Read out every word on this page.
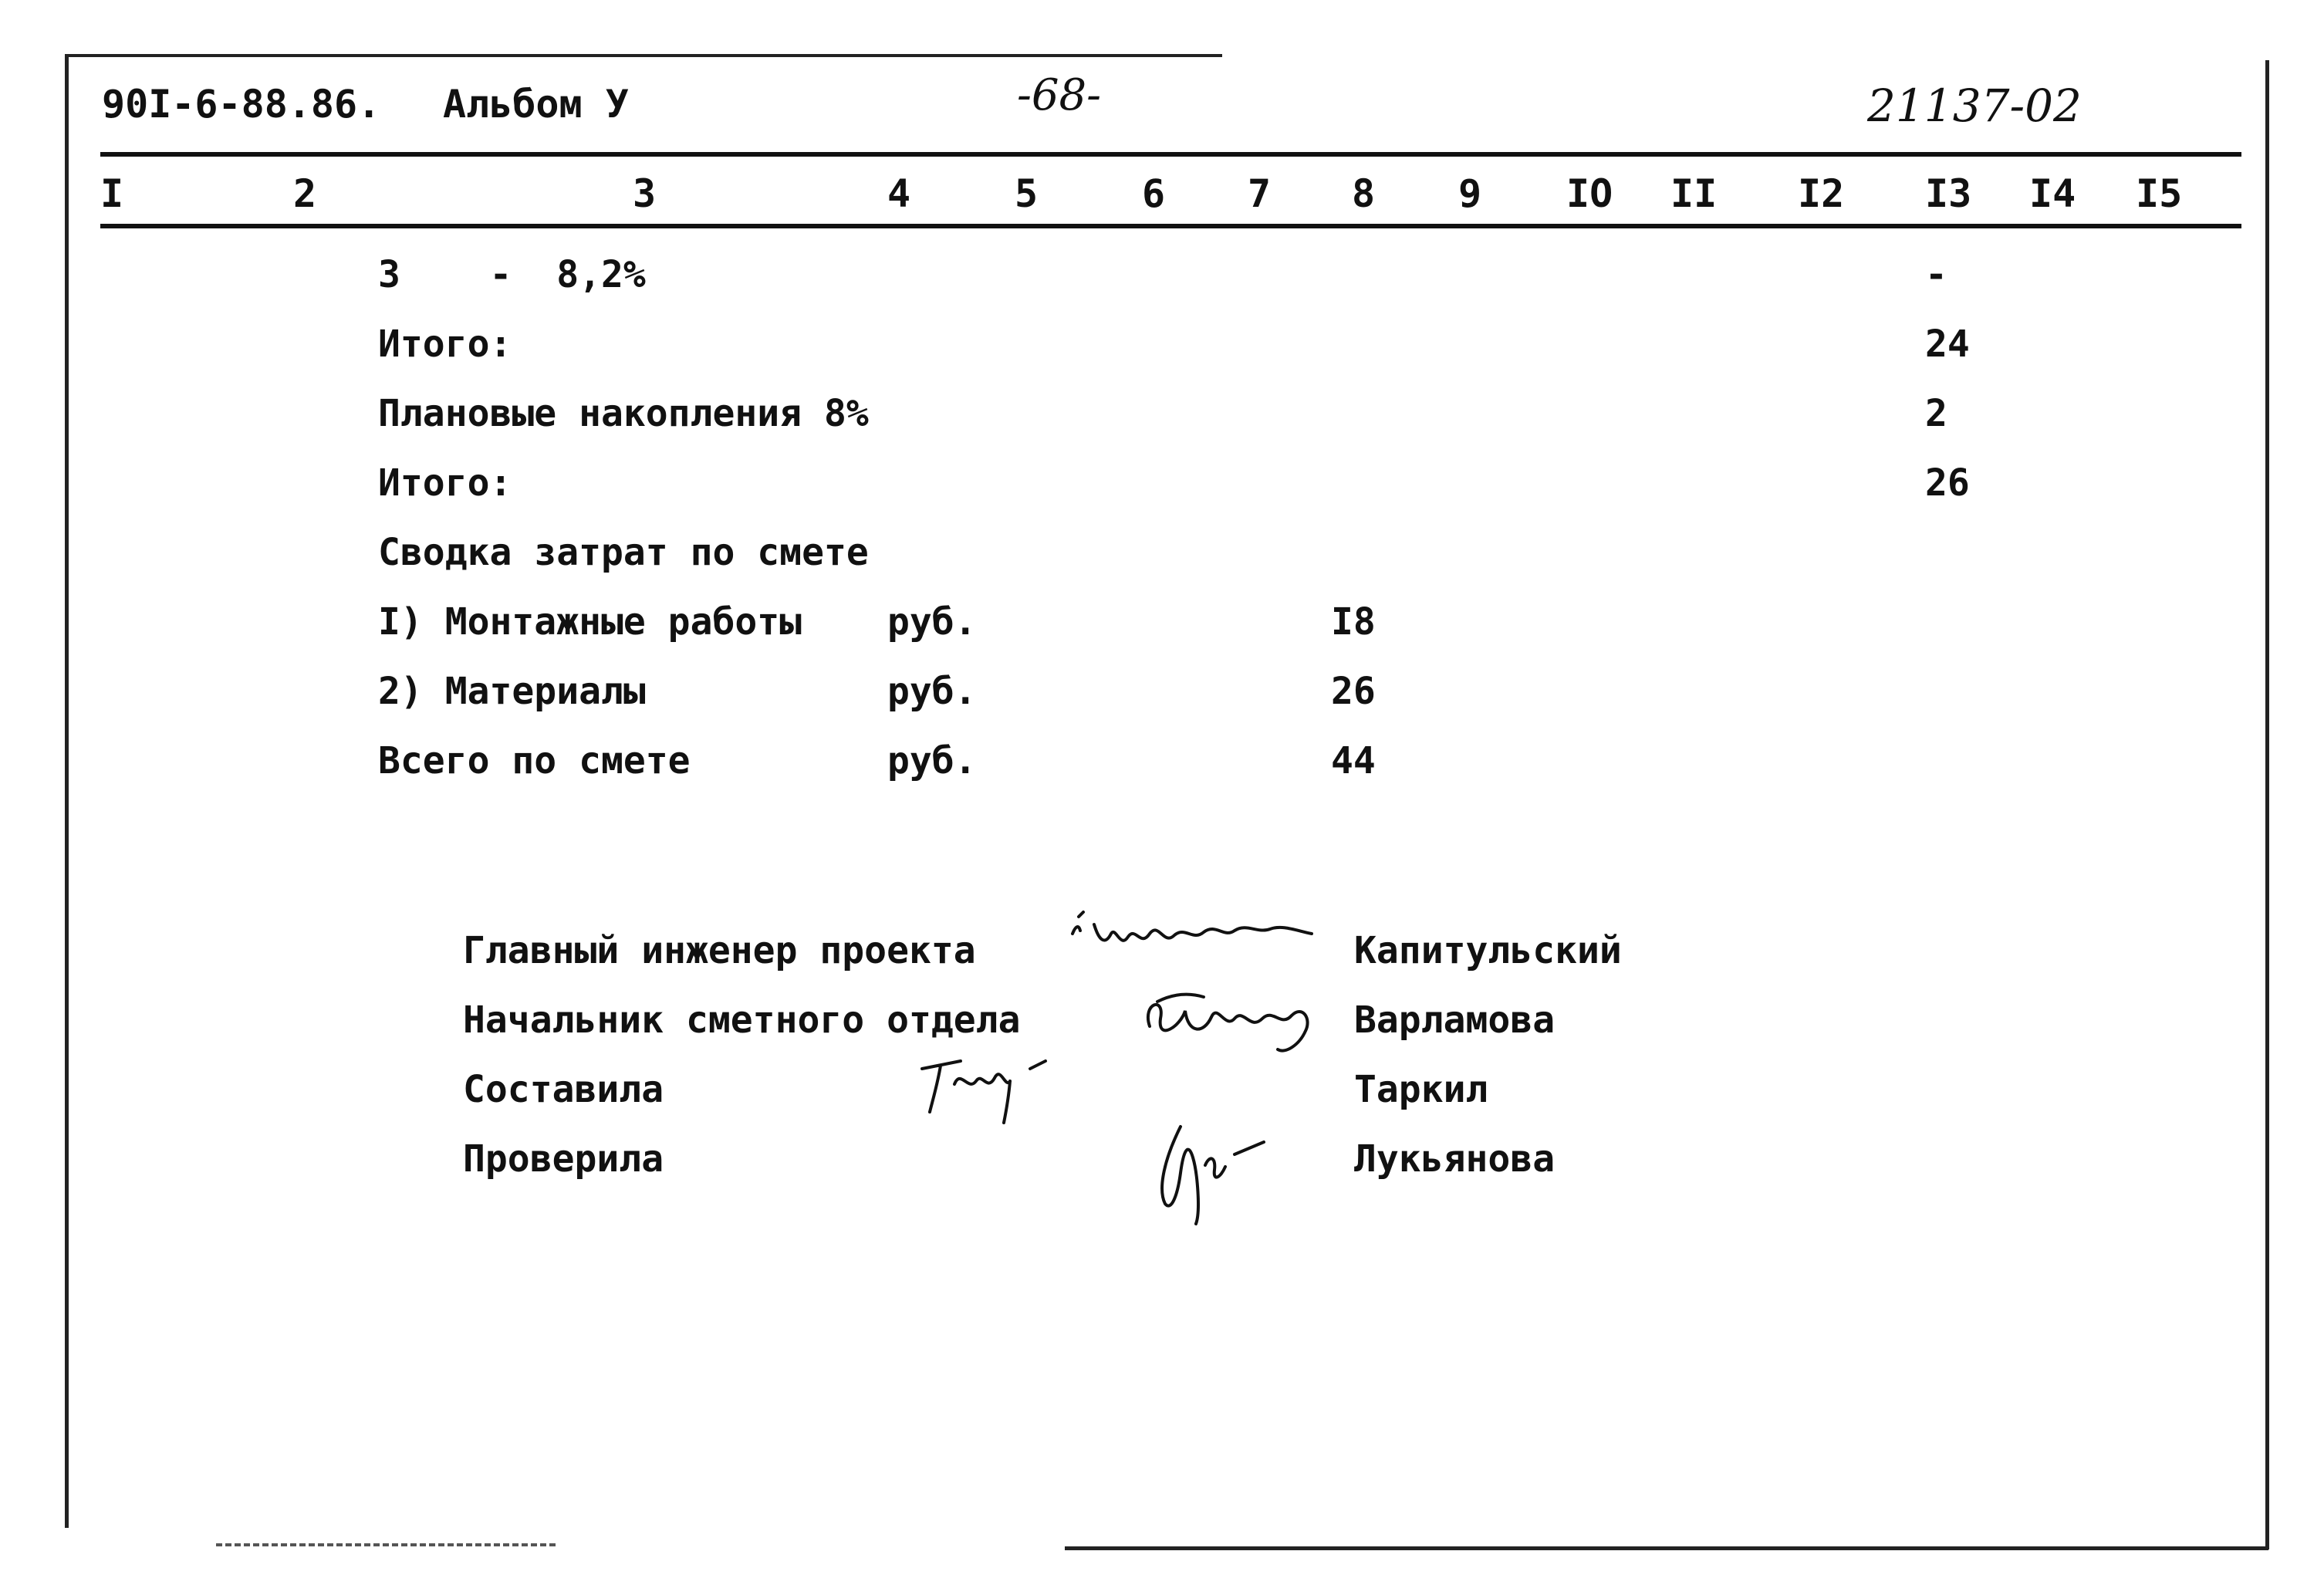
90I-6-88.86. Альбом У	-68-	21137-02
I	2	3	4	5	6 7 8 9 IO II I2 I3 I4 I5
3    -  8,2%	-
Итого:	24
Плановые накопления 8%	2
Итого:	26
Сводка затрат по смете
I) Монтажные работы руб.	I8
2) Материалы	руб.	26
Всего по смете	руб.	44
Главный инженер проекта	Капитульский
Начальник сметного отдела	Варламова
Составила	Таркил
Проверила	Лукьянова
